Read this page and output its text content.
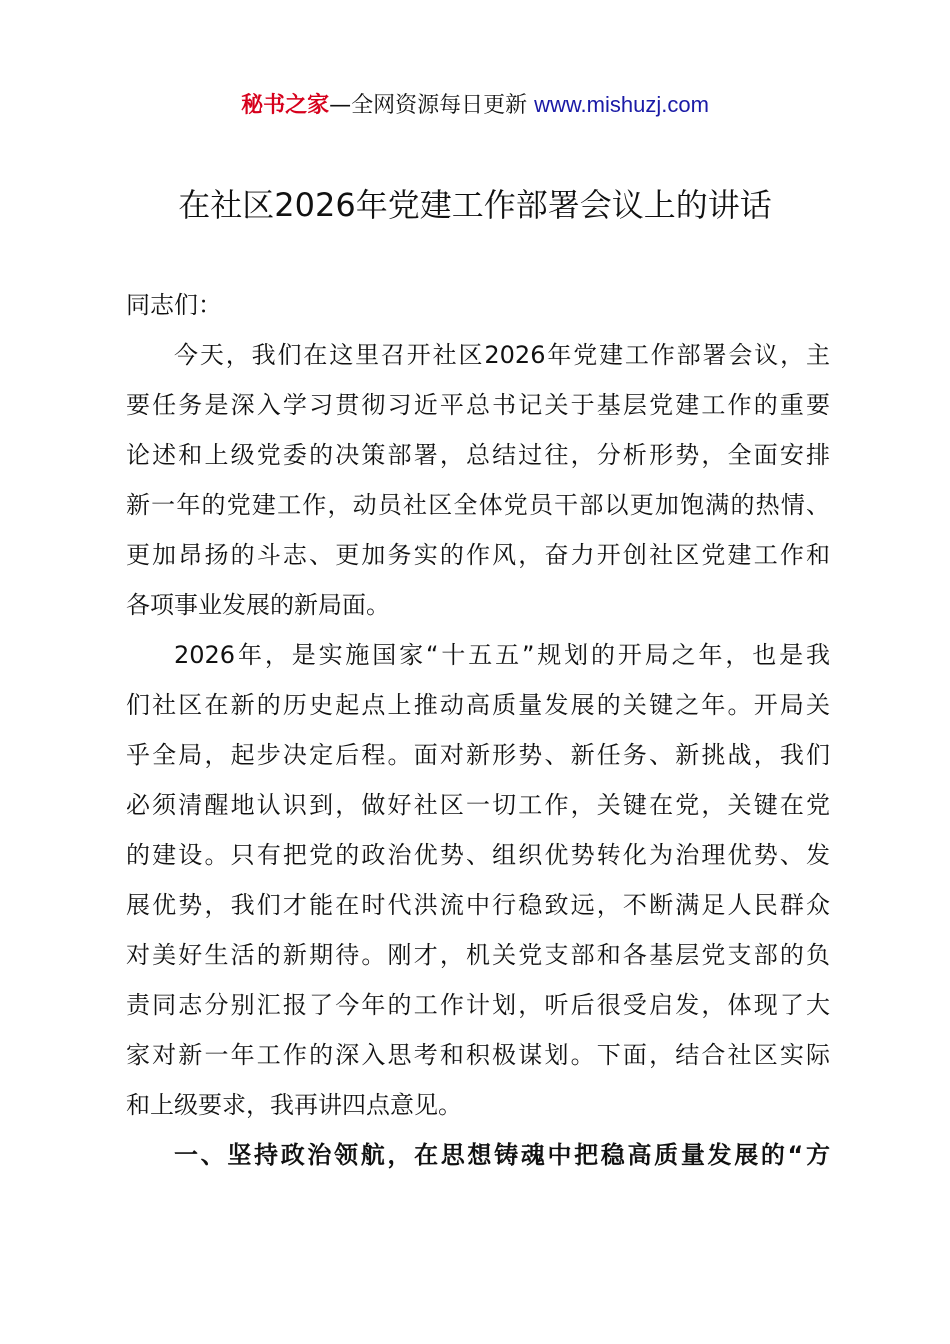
秘书之家—全网资源每日更新 www.mishuzj.com
在社区2026年党建工作部署会议上的讲话
同志们：
今天，我们在这里召开社区2026年党建工作部署会议，主
要任务是深入学习贯彻习近平总书记关于基层党建工作的重要
论述和上级党委的决策部署，总结过往，分析形势，全面安排
新一年的党建工作，动员社区全体党员干部以更加饱满的热情、
更加昂扬的斗志、更加务实的作风，奋力开创社区党建工作和
各项事业发展的新局面。
2026年，是实施国家“十五五”规划的开局之年，也是我
们社区在新的历史起点上推动高质量发展的关键之年。开局关
乎全局，起步决定后程。面对新形势、新任务、新挑战，我们
必须清醒地认识到，做好社区一切工作，关键在党，关键在党
的建设。只有把党的政治优势、组织优势转化为治理优势、发
展优势，我们才能在时代洪流中行稳致远，不断满足人民群众
对美好生活的新期待。刚才，机关党支部和各基层党支部的负
责同志分别汇报了今年的工作计划，听后很受启发，体现了大
家对新一年工作的深入思考和积极谋划。下面，结合社区实际
和上级要求，我再讲四点意见。
一、坚持政治领航，在思想铸魂中把稳高质量发展的“方
